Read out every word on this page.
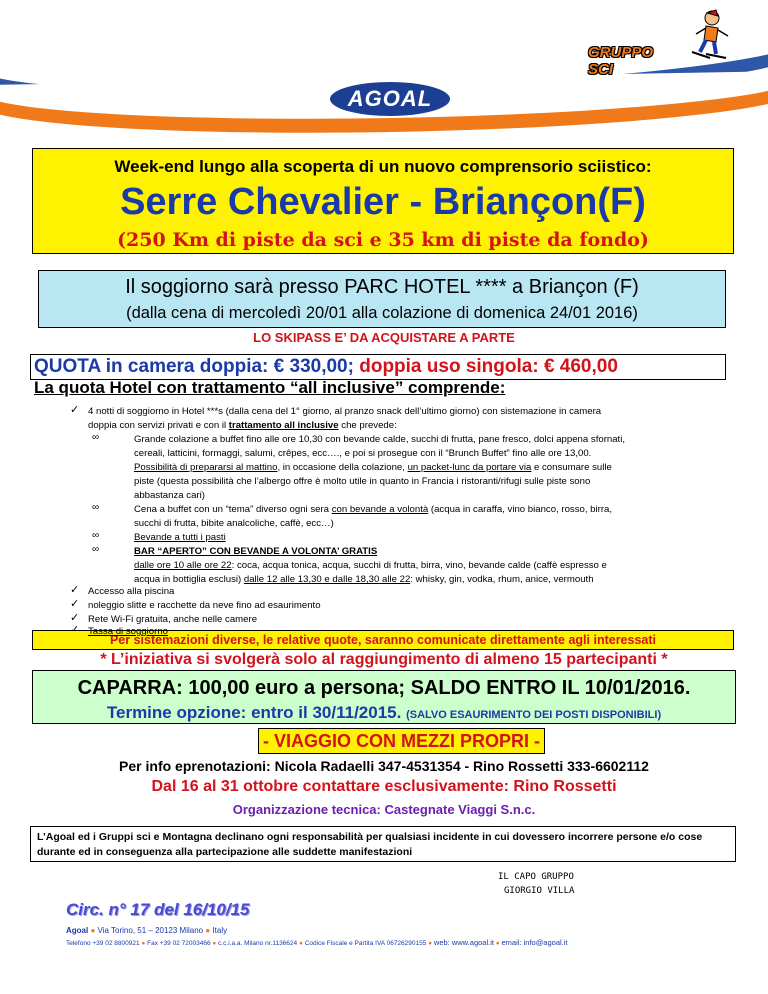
AGOAL
GRUPPO SCI
Week-end lungo alla scoperta di un nuovo comprensorio sciistico:
Serre Chevalier - Briançon(F)
(250 Km di piste da sci e 35 km di piste da fondo)
Il soggiorno sarà presso PARC HOTEL **** a Briançon (F)
(dalla cena di mercoledì 20/01 alla colazione di domenica 24/01 2016)
LO SKIPASS E’ DA ACQUISTARE A PARTE
QUOTA in camera doppia: € 330,00; doppia uso singola: € 460,00
La quota Hotel con trattamento “all inclusive” comprende:
✓ 4 notti di soggiorno in Hotel ***s (dalla cena del 1° giorno, al pranzo snack dell’ultimo giorno) con sistemazione in camera
doppia con servizi privati e con il trattamento all inclusive che prevede:
∞	Grande colazione a buffet fino alle ore 10,30 con bevande calde, succhi di frutta, pane fresco, dolci appena sfornati,
cereali, latticini, formaggi, salumi, crêpes, ecc…., e poi si prosegue con il “Brunch Buffet” fino alle ore 13,00.
Possibilità di prepararsi al mattino, in occasione della colazione, un packet-lunc da portare via e consumare sulle
piste (questa possibilità che l’albergo offre è molto utile in quanto in Francia i ristoranti/rifugi sulle piste sono
abbastanza cari)
∞	Cena a buffet con un “tema” diverso ogni sera con bevande a volontà (acqua in caraffa, vino bianco, rosso, birra,
succhi di frutta, bibite analcoliche, caffè, ecc…)
∞	Bevande a tutti i pasti
∞	BAR “APERTO” CON BEVANDE A VOLONTA’ GRATIS
dalle ore 10 alle ore 22: coca, acqua tonica, acqua, succhi di frutta, birra, vino, bevande calde (caffè espresso e
acqua in bottiglia esclusi) dalle 12 alle 13,30 e dalle 18,30 alle 22: whisky, gin, vodka, rhum, anice, vermouth
✓ Accesso alla piscina
✓ noleggio slitte e racchette da neve fino ad esaurimento
✓ Rete Wi-Fi gratuita, anche nelle camere
Tassa di soggiorno
Per sistemazioni diverse, le relative quote, saranno comunicate direttamente agli interessati
* L’iniziativa si svolgerà solo al raggiungimento di almeno 15 partecipanti *
CAPARRA: 100,00 euro a persona; SALDO ENTRO IL 10/01/2016.
Termine opzione: entro il 30/11/2015. (SALVO ESAURIMENTO DEI POSTI DISPONIBILI)
- VIAGGIO CON MEZZI PROPRI -
Per info eprenotazioni: Nicola Radaelli 347-4531354 - Rino Rossetti 333-6602112
Dal 16 al 31 ottobre contattare esclusivamente: Rino Rossetti
Organizzazione tecnica: Castegnate Viaggi S.n.c.
L’Agoal ed i Gruppi sci e Montagna declinano ogni responsabilità per qualsiasi incidente in cui dovessero incorrere persone e/o cose durante ed in conseguenza alla partecipazione alle suddette manifestazioni
IL CAPO GRUPPO
GIORGIO VILLA
Circ. n° 17 del 16/10/15
Agoal ● Via Torino, 51 – 20123 Milano ● Italy
Telefono +39 02 8800921 ● Fax +39 02 72003466 ● c.c.i.a.a. Milano nr.1136624 ● Codice Fiscale e Partita IVA 06726290155 ● web: www.agoal.it ● email: info@agoal.it
